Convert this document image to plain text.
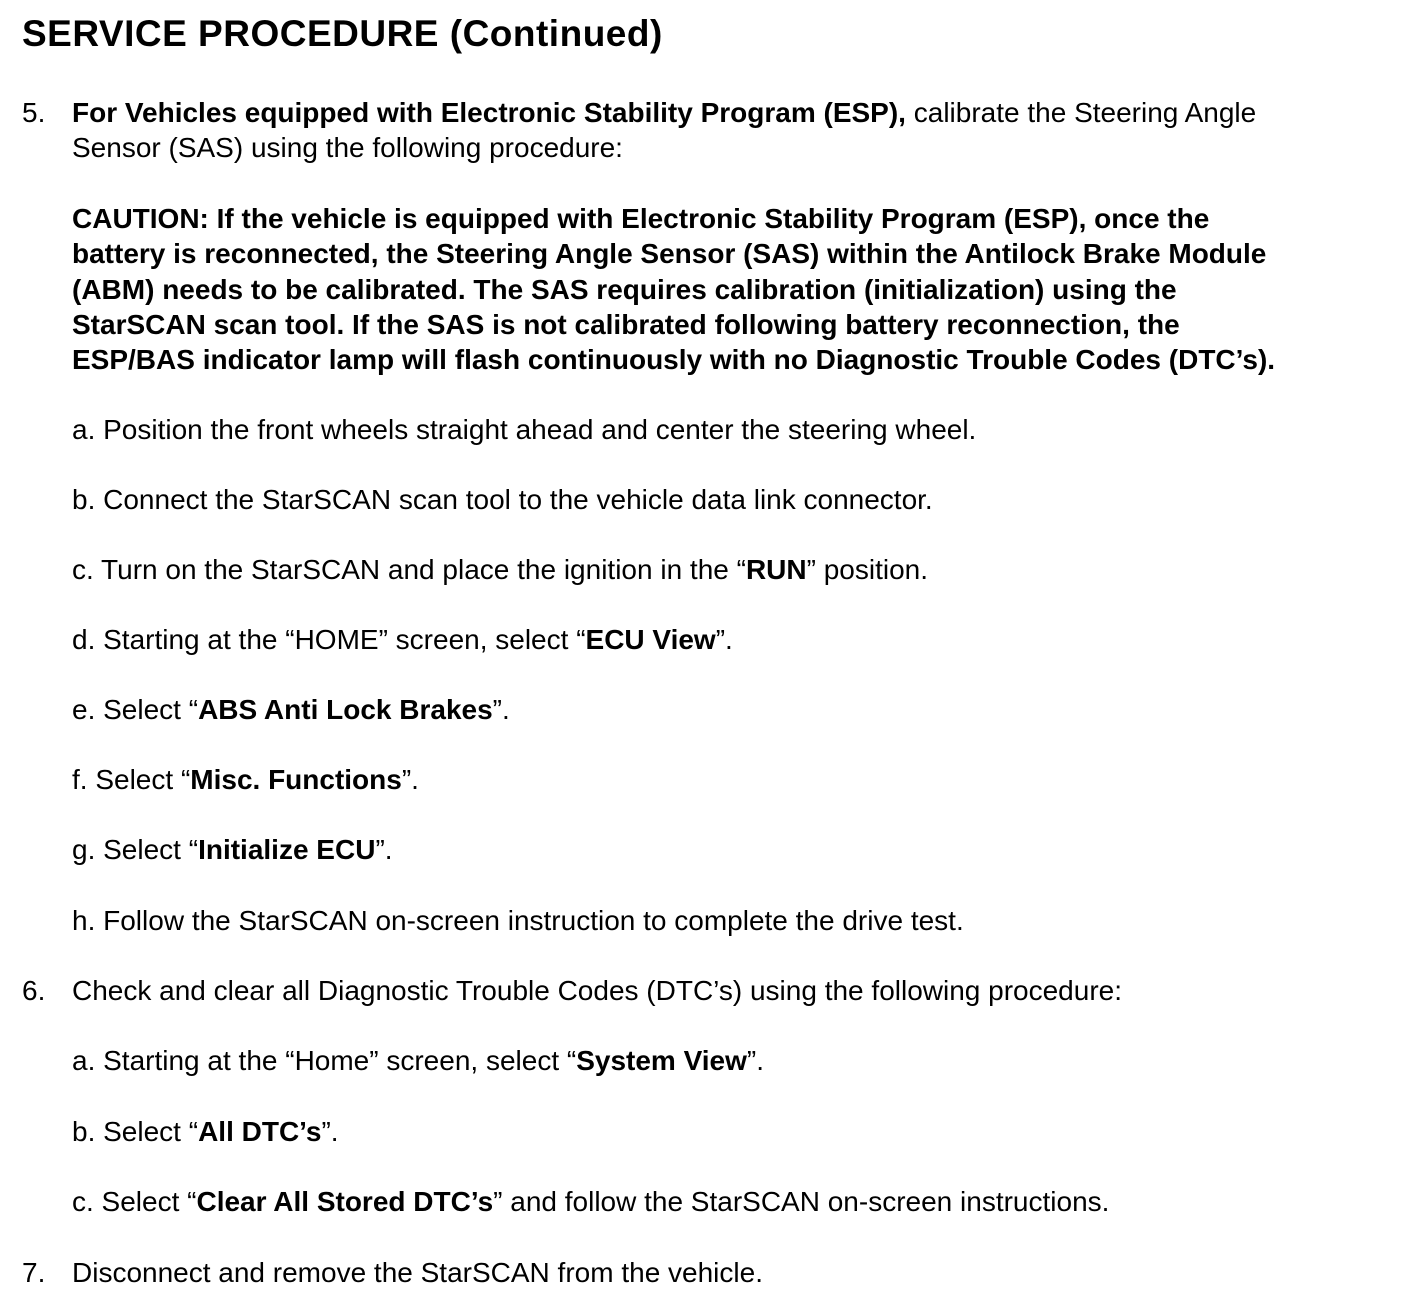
SERVICE PROCEDURE (Continued)
5. For Vehicles equipped with Electronic Stability Program (ESP), calibrate the Steering Angle
Sensor (SAS) using the following procedure:
CAUTION: If the vehicle is equipped with Electronic Stability Program (ESP), once the
battery is reconnected, the Steering Angle Sensor (SAS) within the Antilock Brake Module
(ABM) needs to be calibrated. The SAS requires calibration (initialization) using the
StarSCAN scan tool. If the SAS is not calibrated following battery reconnection, the
ESP/BAS indicator lamp will flash continuously with no Diagnostic Trouble Codes (DTC’s).
a. Position the front wheels straight ahead and center the steering wheel.
b. Connect the StarSCAN scan tool to the vehicle data link connector.
c. Turn on the StarSCAN and place the ignition in the “RUN” position.
d. Starting at the “HOME” screen, select “ECU View”.
e. Select “ABS Anti Lock Brakes”.
f. Select “Misc. Functions”.
g. Select “Initialize ECU”.
h. Follow the StarSCAN on-screen instruction to complete the drive test.
6. Check and clear all Diagnostic Trouble Codes (DTC’s) using the following procedure:
a. Starting at the “Home” screen, select “System View”.
b. Select “All DTC’s”.
c. Select “Clear All Stored DTC’s” and follow the StarSCAN on-screen instructions.
7. Disconnect and remove the StarSCAN from the vehicle.
